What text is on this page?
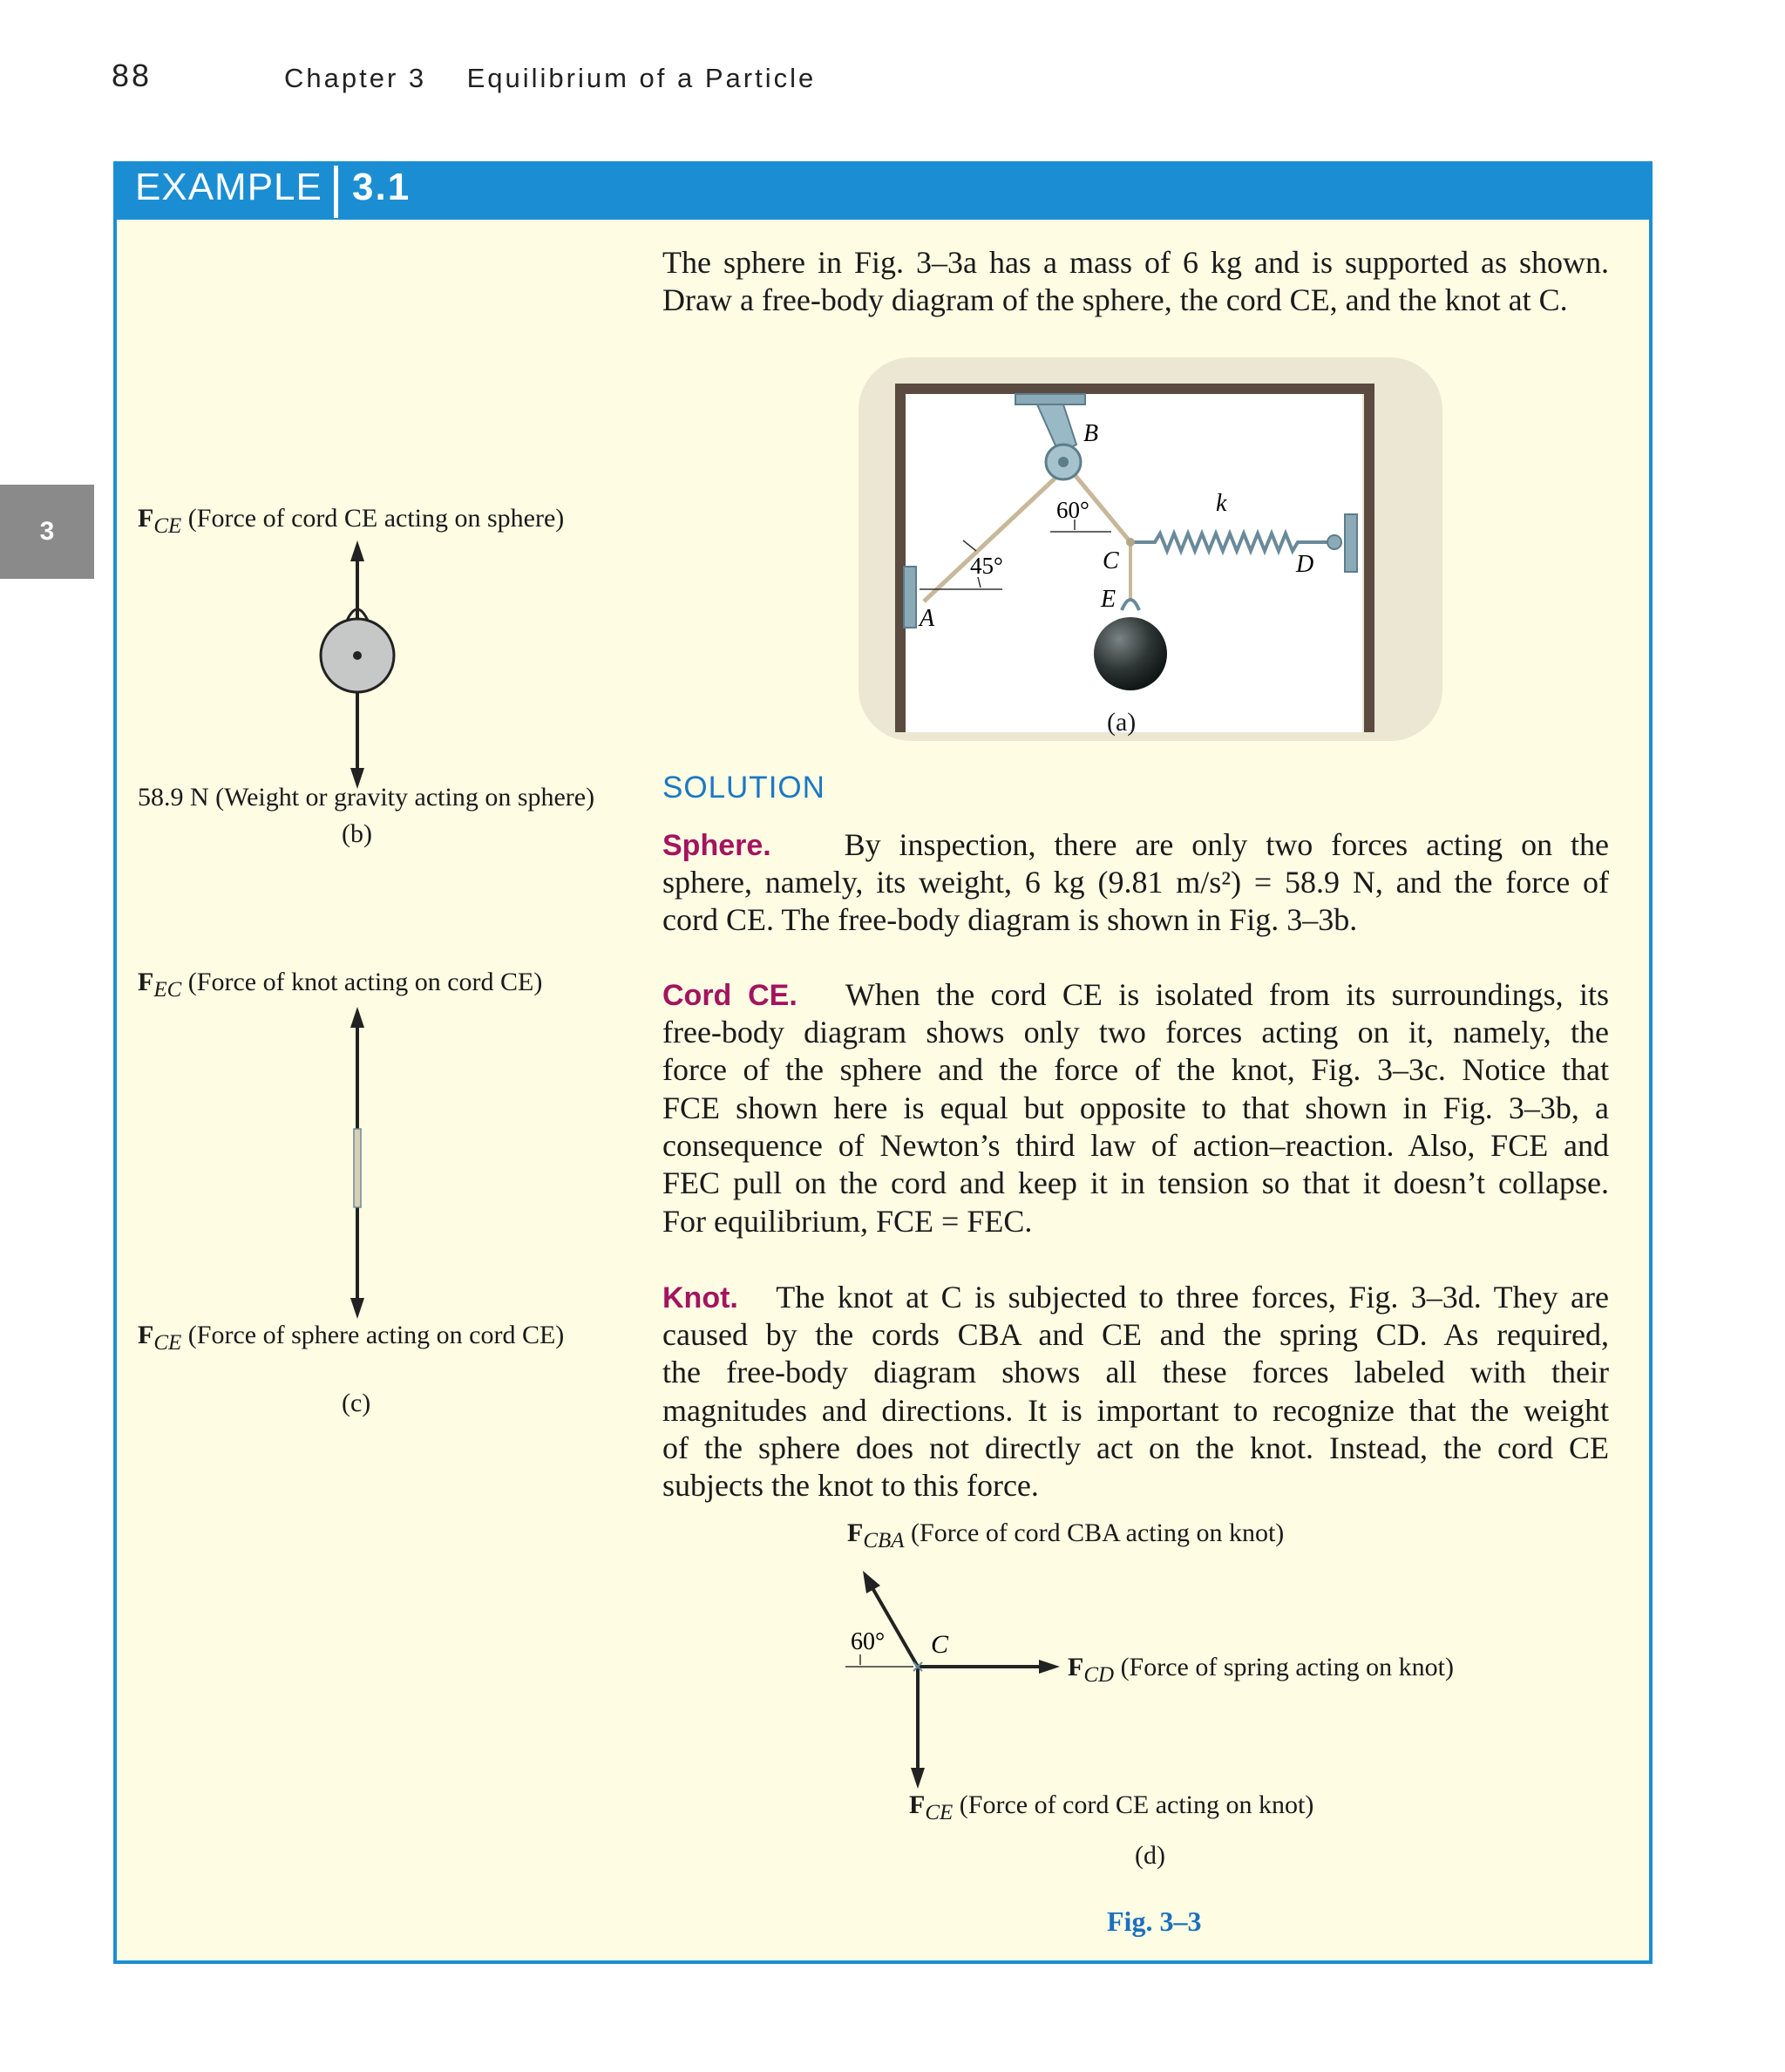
88	Chapter 3 Equilibrium of a Particle
3
EXAMPLE 3.1
The sphere in Fig. 3–3a has a mass of 6 kg and is supported as shown.
Draw a free-body diagram of the sphere, the cord CE, and the knot at C.
B
60°	k
C	D
45°
E
A
(a)
$F_{CE}$ (Force of cord CE acting on sphere)
58.9 N (Weight or gravity acting on sphere)
(b)
$F_{EC}$ (Force of knot acting on cord CE)
$F_{CE}$ (Force of sphere acting on cord CE)
(c)
SOLUTION
Sphere. By inspection, there are only two forces acting on the
sphere, namely, its weight, 6 kg (9.81 m/s²) = 58.9 N, and the force of
cord CE. The free-body diagram is shown in Fig. 3–3b.
Cord CE. When the cord CE is isolated from its surroundings, its
free-body diagram shows only two forces acting on it, namely, the
force of the sphere and the force of the knot, Fig. 3–3c. Notice that
FCE shown here is equal but opposite to that shown in Fig. 3–3b, a
consequence of Newton’s third law of action–reaction. Also, FCE and
FEC pull on the cord and keep it in tension so that it doesn’t collapse.
For equilibrium, FCE = FEC.
Knot. The knot at C is subjected to three forces, Fig. 3–3d. They are
caused by the cords CBA and CE and the spring CD. As required,
the free-body diagram shows all these forces labeled with their
magnitudes and directions. It is important to recognize that the weight
of the sphere does not directly act on the knot. Instead, the cord CE
subjects the knot to this force.
$F_{CBA}$ (Force of cord CBA acting on knot)
60° C
$F_{CD}$ (Force of spring acting on knot)
$F_{CE}$ (Force of cord CE acting on knot)
(d)
Fig. 3–3
